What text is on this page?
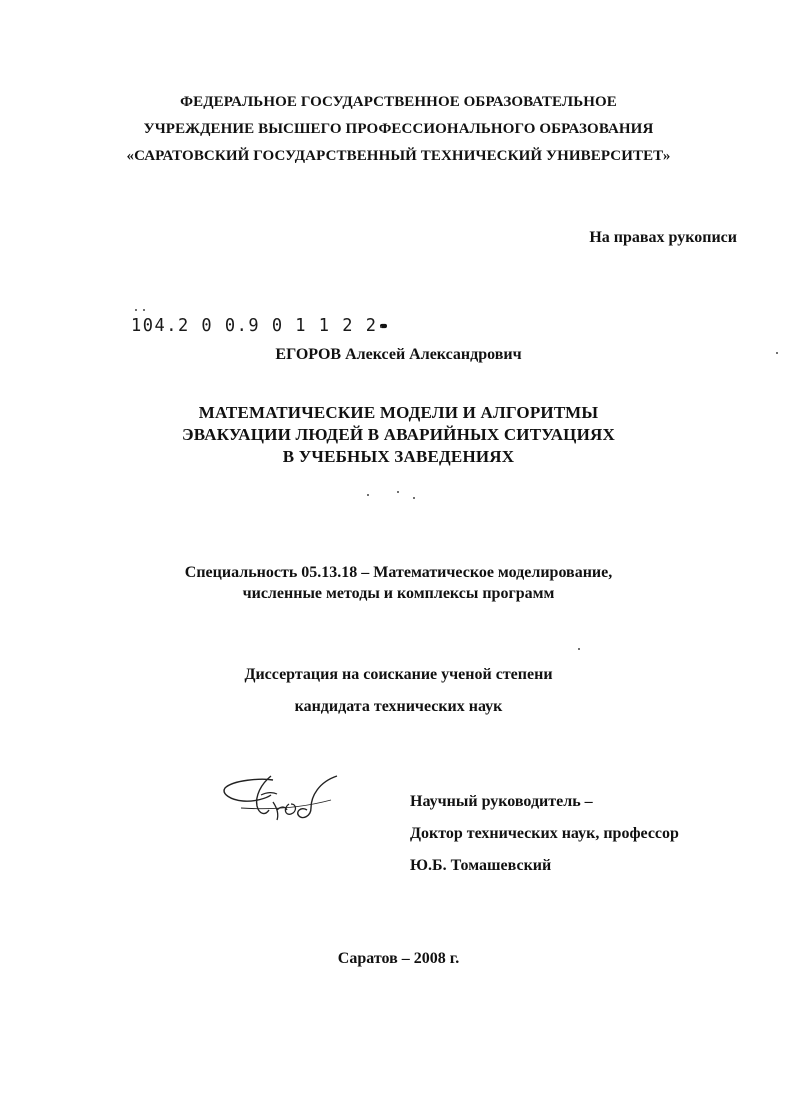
ФЕДЕРАЛЬНОЕ ГОСУДАРСТВЕННОЕ ОБРАЗОВАТЕЛЬНОЕ
УЧРЕЖДЕНИЕ ВЫСШЕГО ПРОФЕССИОНАЛЬНОГО ОБРАЗОВАНИЯ
«САРАТОВСКИЙ ГОСУДАРСТВЕННЫЙ ТЕХНИЧЕСКИЙ УНИВЕРСИТЕТ»
На правах рукописи
104.2 0 0.9 0 1 1 2 2
ЕГОРОВ Алексей Александрович
МАТЕМАТИЧЕСКИЕ МОДЕЛИ И АЛГОРИТМЫ
ЭВАКУАЦИИ ЛЮДЕЙ В АВАРИЙНЫХ СИТУАЦИЯХ
В УЧЕБНЫХ ЗАВЕДЕНИЯХ
Специальность 05.13.18 – Математическое моделирование,
численные методы и комплексы программ
Диссертация на соискание ученой степени
кандидата технических наук
Научный руководитель –
Доктор технических наук, профессор
Ю.Б. Томашевский
Саратов – 2008 г.
